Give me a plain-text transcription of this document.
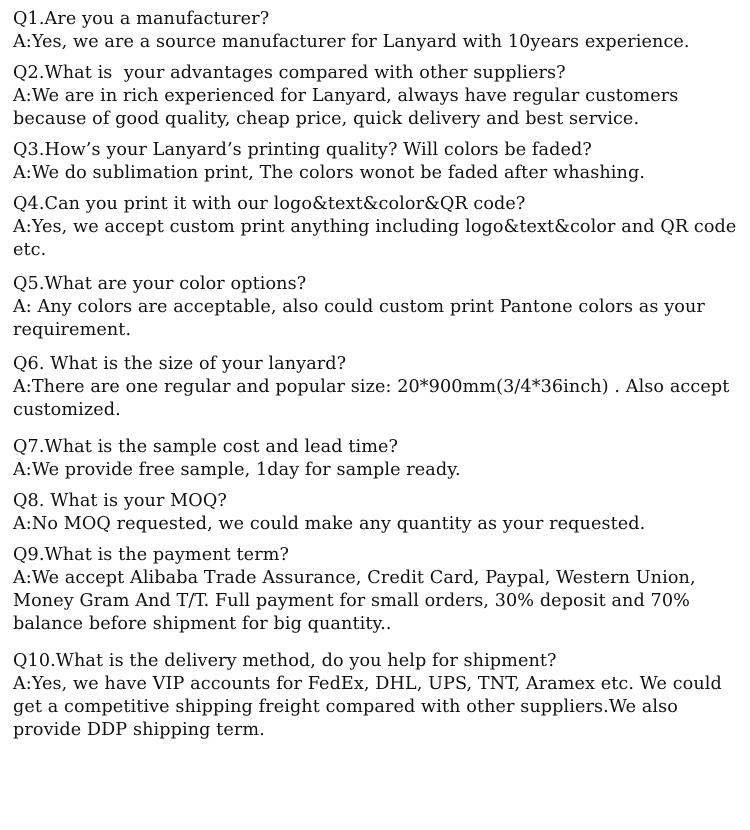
Q1.Are you a manufacturer?

A:Yes, we are a source manufacturer for Lanyard with 10years experience.

Q2.What is  your advantages compared with other suppliers?

A:We are in rich experienced for Lanyard, always have regular customers because of good quality, cheap price, quick delivery and best service.

Q3.How’s your Lanyard’s printing quality? Will colors be faded?

A:We do sublimation print, The colors wonot be faded after whashing.

Q4.Can you print it with our logo&text&color&QR code?

A:Yes, we accept custom print anything including logo&text&color and QR code etc.

Q5.What are your color options?

A: Any colors are acceptable, also could custom print Pantone colors as your requirement.

Q6. What is the size of your lanyard?

A:There are one regular and popular size: 20*900mm(3/4*36inch) . Also accept customized.

Q7.What is the sample cost and lead time?

A:We provide free sample, 1day for sample ready.

Q8. What is your MOQ?

A:No MOQ requested, we could make any quantity as your requested.

Q9.What is the payment term?

A:We accept Alibaba Trade Assurance, Credit Card, Paypal, Western Union, Money Gram And T/T. Full payment for small orders, 30% deposit and 70% balance before shipment for big quantity..

Q10.What is the delivery method, do you help for shipment?

A:Yes, we have VIP accounts for FedEx, DHL, UPS, TNT, Aramex etc. We could get a competitive shipping freight compared with other suppliers.We also provide DDP shipping term.
